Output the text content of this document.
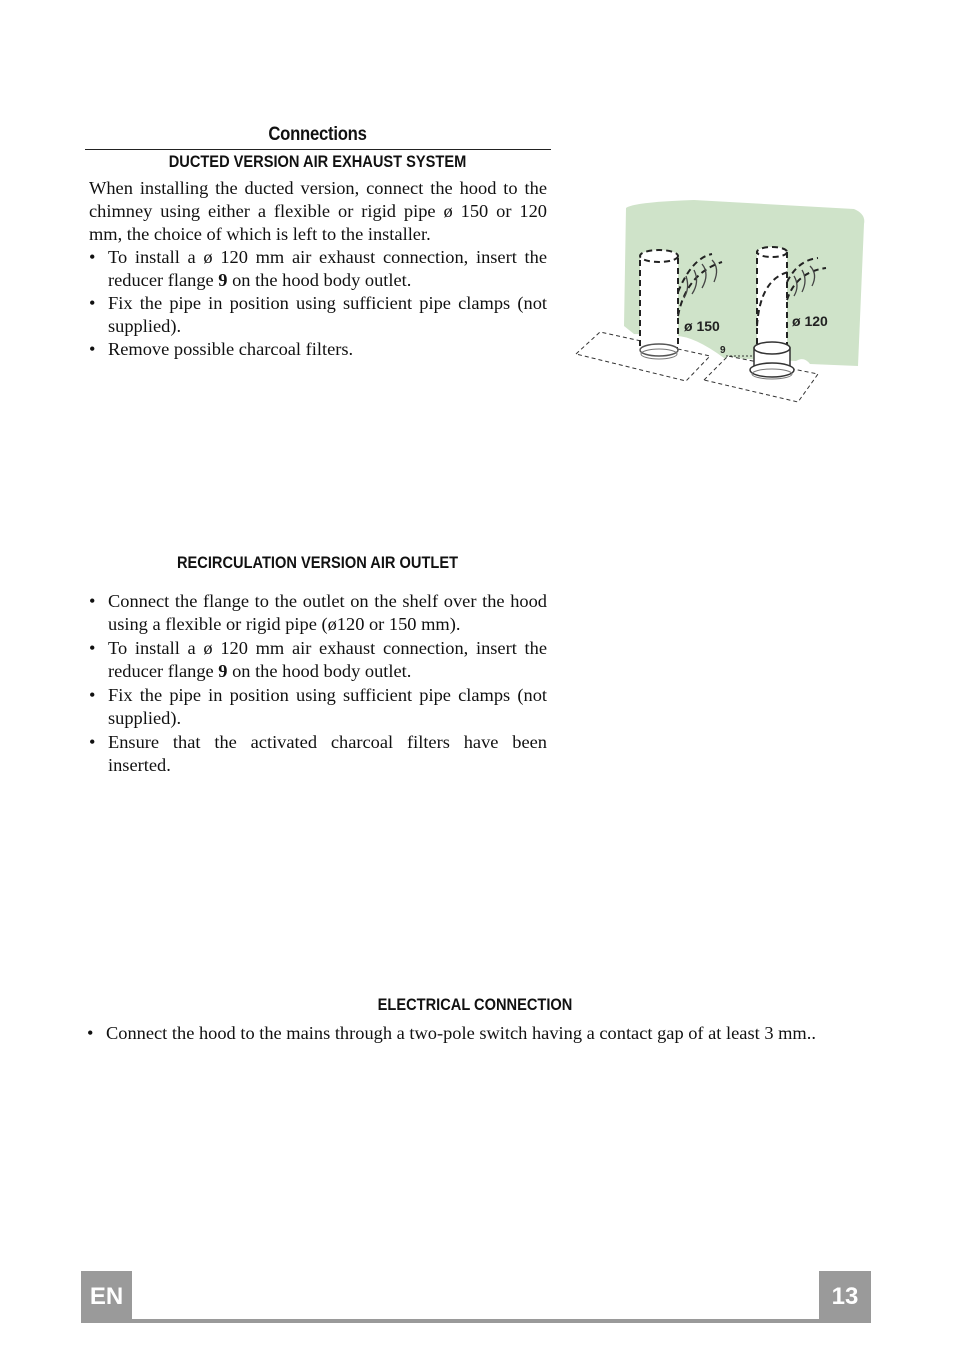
Connections
DUCTED VERSION AIR EXHAUST SYSTEM
When installing the ducted version, connect the hood to the chimney using either a flexible or rigid pipe ø 150 or 120 mm, the choice of which is left to the installer.
• To install a ø 120 mm air exhaust connection, insert the reducer flange 9 on the hood body outlet.
• Fix the pipe in position using sufficient pipe clamps (not supplied).
• Remove possible charcoal filters.
ø 150	ø 120
9
RECIRCULATION VERSION AIR OUTLET
• Connect the flange to the outlet on the shelf over the hood using a flexible or rigid pipe (ø120 or 150 mm).
• To install a ø 120 mm air exhaust connection, insert the reducer flange 9 on the hood body outlet.
• Fix the pipe in position using sufficient pipe clamps (not supplied).
• Ensure that the activated charcoal filters have been inserted.
ELECTRICAL CONNECTION
• Connect the hood to the mains through a two-pole switch having a contact gap of at least 3 mm..
EN	13
